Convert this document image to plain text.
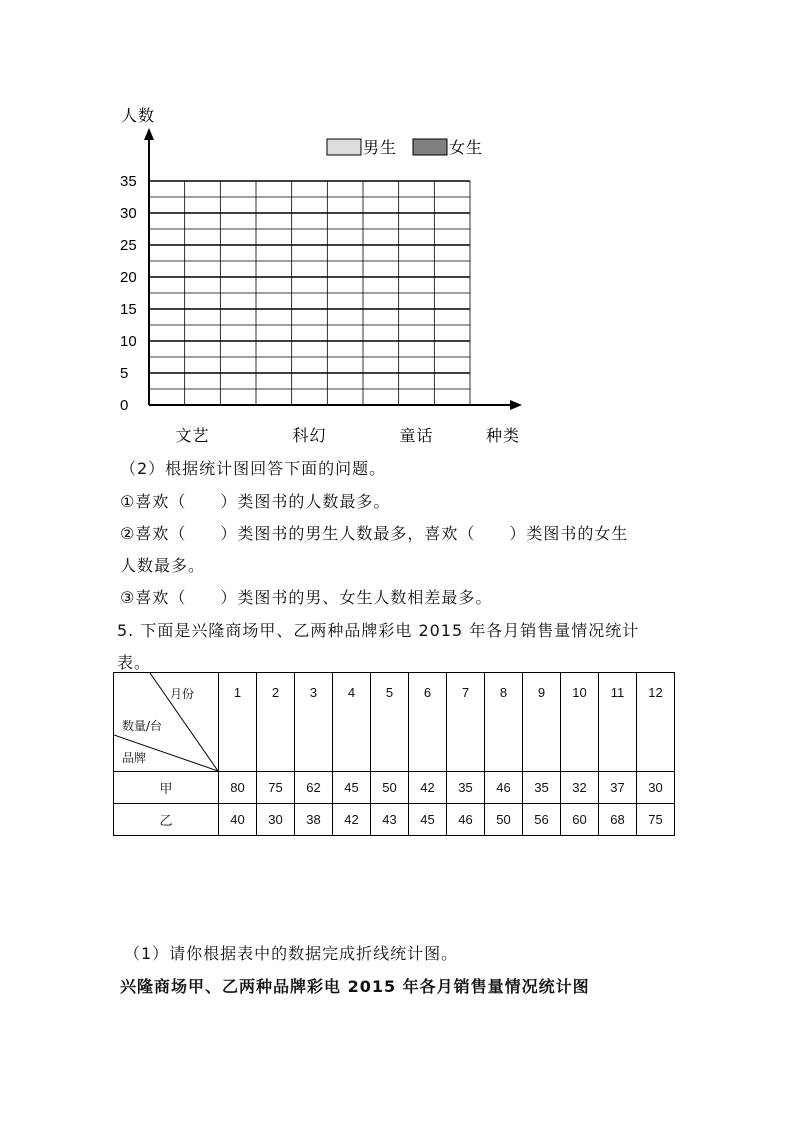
人数
种类
35
30
25
20
15
10
5
0
文艺	科幻	童话
男生	女生
（2）根据统计图回答下面的问题。
①喜欢（　　）类图书的人数最多。
②喜欢（　　）类图书的男生人数最多，喜欢（　　）类图书的女生
人数最多。
③喜欢（　　）类图书的男、女生人数相差最多。
5. 下面是兴隆商场甲、乙两种品牌彩电 2015 年各月销售量情况统计
表。
月份
数量/台
品牌	1	2	3	4	5	6	7	8	9	10	11	12
甲	80	75	62	45	50	42	35	46	35	32	37	30
乙	40	30	38	42	43	45	46	50	56	60	68	75
（1）请你根据表中的数据完成折线统计图。
兴隆商场甲、乙两种品牌彩电 2015 年各月销售量情况统计图
